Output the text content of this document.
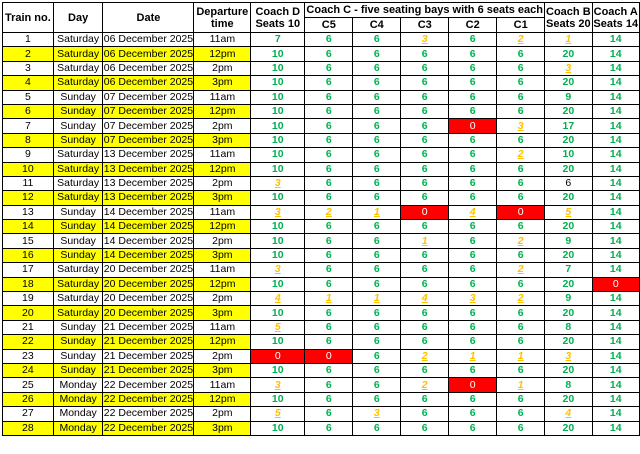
Train no.	Day	Date	Departure time	Coach D Seats 10	Coach C - five seating bays with 6 seats each					Coach B Seats 20	Coach A Seats 14
					C5	C4	C3	C2	C1		
1	Saturday	06 December 2025	11am	7	6	6	3	6	2	1	14
2	Saturday	06 December 2025	12pm	10	6	6	6	6	6	20	14
3	Saturday	06 December 2025	2pm	10	6	6	6	6	6	3	14
4	Saturday	06 December 2025	3pm	10	6	6	6	6	6	20	14
5	Sunday	07 December 2025	11am	10	6	6	6	6	6	9	14
6	Sunday	07 December 2025	12pm	10	6	6	6	6	6	20	14
7	Sunday	07 December 2025	2pm	10	6	6	6	0	3	17	14
8	Sunday	07 December 2025	3pm	10	6	6	6	6	6	20	14
9	Saturday	13 December 2025	11am	10	6	6	6	6	2	10	14
10	Saturday	13 December 2025	12pm	10	6	6	6	6	6	20	14
11	Saturday	13 December 2025	2pm	3	6	6	6	6	6	6	14
12	Saturday	13 December 2025	3pm	10	6	6	6	6	6	20	14
13	Sunday	14 December 2025	11am	3	2	1	0	4	0	5	14
14	Sunday	14 December 2025	12pm	10	6	6	6	6	6	20	14
15	Sunday	14 December 2025	2pm	10	6	6	1	6	2	9	14
16	Sunday	14 December 2025	3pm	10	6	6	6	6	6	20	14
17	Saturday	20 December 2025	11am	3	6	6	6	6	2	7	14
18	Saturday	20 December 2025	12pm	10	6	6	6	6	6	20	0
19	Saturday	20 December 2025	2pm	4	1	1	4	3	2	9	14
20	Saturday	20 December 2025	3pm	10	6	6	6	6	6	20	14
21	Sunday	21 December 2025	11am	5	6	6	6	6	6	8	14
22	Sunday	21 December 2025	12pm	10	6	6	6	6	6	20	14
23	Sunday	21 December 2025	2pm	0	0	6	2	1	1	3	14
24	Sunday	21 December 2025	3pm	10	6	6	6	6	6	20	14
25	Monday	22 December 2025	11am	3	6	6	2	0	1	8	14
26	Monday	22 December 2025	12pm	10	6	6	6	6	6	20	14
27	Monday	22 December 2025	2pm	5	6	3	6	6	6	4	14
28	Monday	22 December 2025	3pm	10	6	6	6	6	6	20	14
